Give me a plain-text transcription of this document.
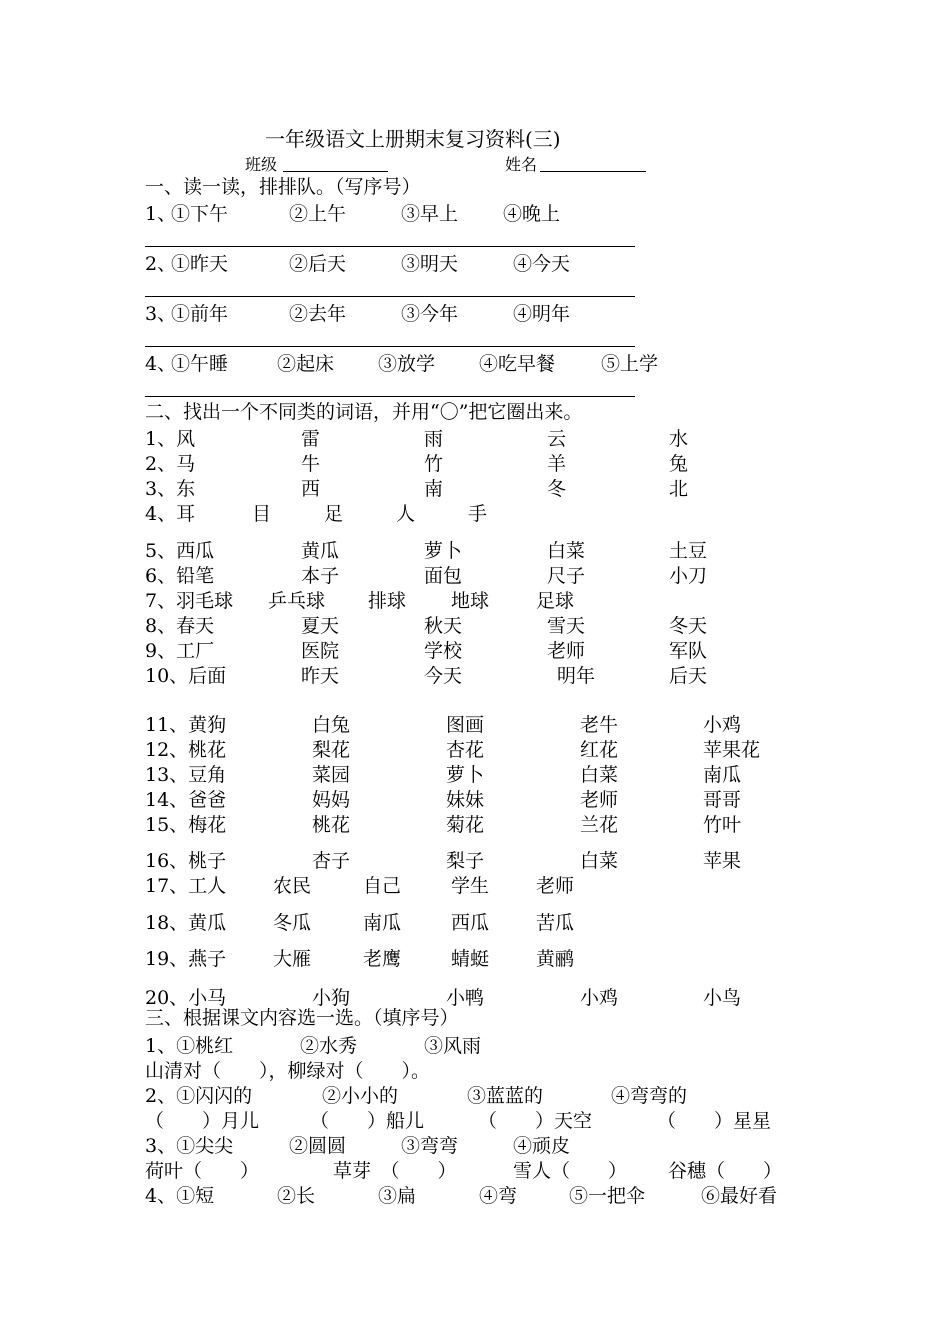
一年级语文上册期末复习资料(三)
班级	姓名
一、读一读，排排队。（写序号）
1、
①下午	②上午	③早上 ④晚上
2、
①昨天	②后天	③明天	④今天
3、
①前年	②去年	③今年	④明年
4、
①午睡	②起床 ③放学 ④吃早餐 ⑤上学
二、找出一个不同类的词语，并用“〇”把它圈出来。
1、风	雷	雨	云	水
2、马	牛	竹	羊	兔
3、东	西	南	冬	北
4、耳	目	足	人	手
5、西瓜	黄瓜	萝卜	白菜	土豆
6、铅笔	本子	面包	尺子	小刀
7、羽毛球 乒乓球 排球 地球 足球
8、春天	夏天	秋天	雪天	冬天
9、工厂	医院	学校	老师	军队
10、后面	昨天	今天	明年	后天
11、黄狗	白兔	图画	老牛	小鸡
12、桃花	梨花	杏花	红花	苹果花
13、豆角	菜园	萝卜	白菜	南瓜
14、爸爸	妈妈	妹妹	老师	哥哥
15、梅花	桃花	菊花	兰花	竹叶
16、桃子	杏子	梨子	白菜	苹果
17、工人 农民	自己	学生 老师
18、黄瓜 冬瓜	南瓜	西瓜 苦瓜
19、燕子 大雁	老鹰	蜻蜓 黄鹂
20、小马	小狗	小鸭	小鸡	小鸟
三、根据课文内容选一选。（填序号）
1、①桃红	②水秀	③风雨
山清对（　　），柳绿对（　　）。
2、①闪闪的	②小小的	③蓝蓝的	④弯弯的
（　　）月儿	（　　）船儿	（　　）天空	（　　）星星
3、①尖尖	②圆圆	③弯弯	④顽皮
荷叶（　　）	草芽　（　　）	雪人（　　） 谷穗（　　）
4、①短	②长	③扁	④弯	⑤一把伞	⑥最好看
